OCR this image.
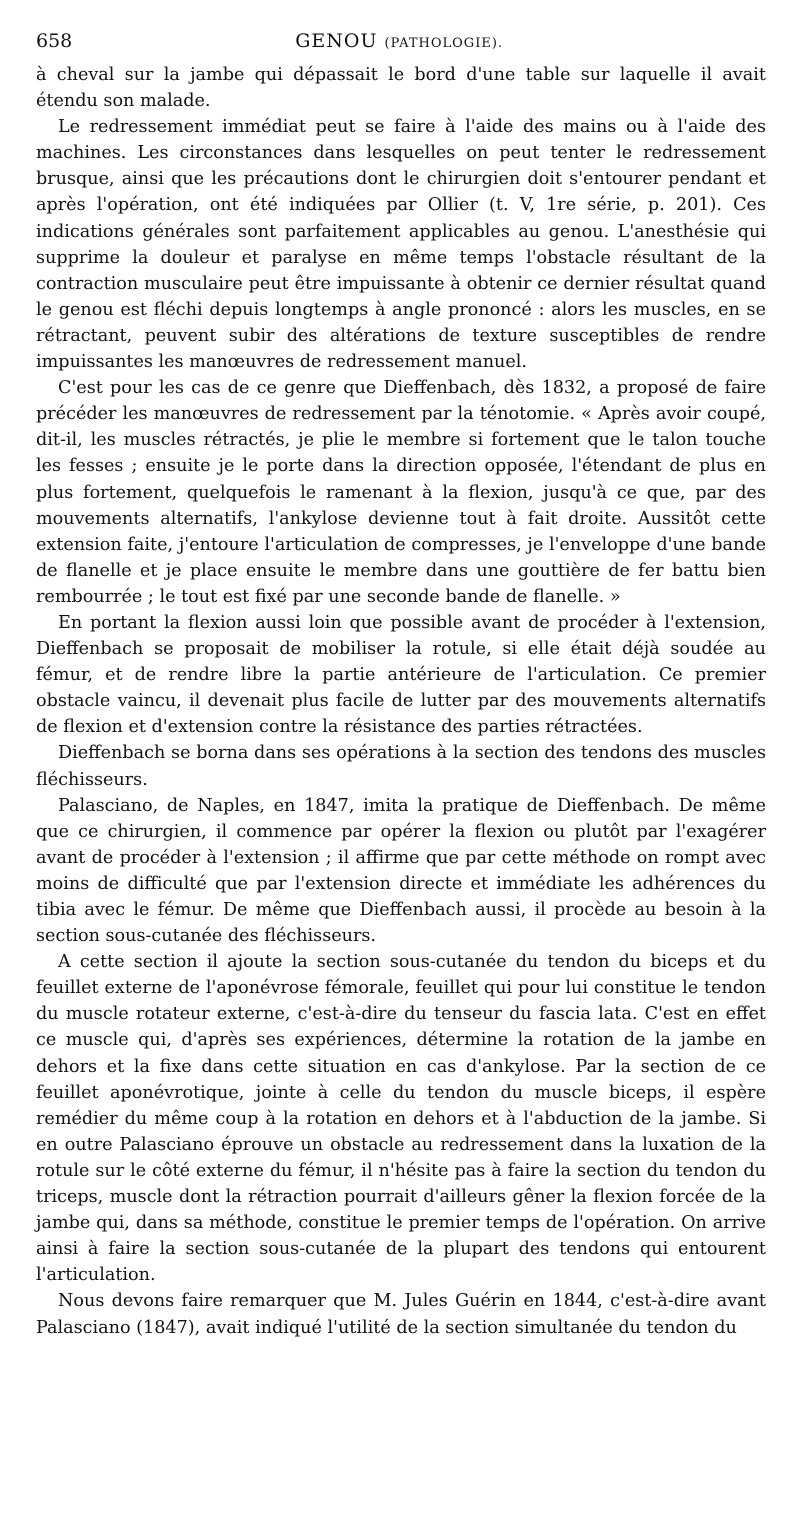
658	GENOU (PATHOLOGIE).

à cheval sur la jambe qui dépassait le bord d'une table sur laquelle il avait étendu son malade.

Le redressement immédiat peut se faire à l'aide des mains ou à l'aide des machines. Les circonstances dans lesquelles on peut tenter le redressement brusque, ainsi que les précautions dont le chirurgien doit s'entourer pendant et après l'opération, ont été indiquées par Ollier (t. V, 1re série, p. 201). Ces indications générales sont parfaitement applicables au genou. L'anesthésie qui supprime la douleur et paralyse en même temps l'obstacle résultant de la contraction musculaire peut être impuissante à obtenir ce dernier résultat quand le genou est fléchi depuis longtemps à angle prononcé : alors les muscles, en se rétractant, peuvent subir des altérations de texture susceptibles de rendre impuissantes les manœuvres de redressement manuel.

C'est pour les cas de ce genre que Dieffenbach, dès 1832, a proposé de faire précéder les manœuvres de redressement par la ténotomie. « Après avoir coupé, dit-il, les muscles rétractés, je plie le membre si fortement que le talon touche les fesses ; ensuite je le porte dans la direction opposée, l'étendant de plus en plus fortement, quelquefois le ramenant à la flexion, jusqu'à ce que, par des mouvements alternatifs, l'ankylose devienne tout à fait droite. Aussitôt cette extension faite, j'entoure l'articulation de compresses, je l'enveloppe d'une bande de flanelle et je place ensuite le membre dans une gouttière de fer battu bien rembourrée ; le tout est fixé par une seconde bande de flanelle. »

En portant la flexion aussi loin que possible avant de procéder à l'extension, Dieffenbach se proposait de mobiliser la rotule, si elle était déjà soudée au fémur, et de rendre libre la partie antérieure de l'articulation. Ce premier obstacle vaincu, il devenait plus facile de lutter par des mouvements alternatifs de flexion et d'extension contre la résistance des parties rétractées.

Dieffenbach se borna dans ses opérations à la section des tendons des muscles fléchisseurs.

Palasciano, de Naples, en 1847, imita la pratique de Dieffenbach. De même que ce chirurgien, il commence par opérer la flexion ou plutôt par l'exagérer avant de procéder à l'extension ; il affirme que par cette méthode on rompt avec moins de difficulté que par l'extension directe et immédiate les adhérences du tibia avec le fémur. De même que Dieffenbach aussi, il procède au besoin à la section sous-cutanée des fléchisseurs.

A cette section il ajoute la section sous-cutanée du tendon du biceps et du feuillet externe de l'aponévrose fémorale, feuillet qui pour lui constitue le tendon du muscle rotateur externe, c'est-à-dire du tenseur du fascia lata. C'est en effet ce muscle qui, d'après ses expériences, détermine la rotation de la jambe en dehors et la fixe dans cette situation en cas d'ankylose. Par la section de ce feuillet aponévrotique, jointe à celle du tendon du muscle biceps, il espère remédier du même coup à la rotation en dehors et à l'abduction de la jambe. Si en outre Palasciano éprouve un obstacle au redressement dans la luxation de la rotule sur le côté externe du fémur, il n'hésite pas à faire la section du tendon du triceps, muscle dont la rétraction pourrait d'ailleurs gêner la flexion forcée de la jambe qui, dans sa méthode, constitue le premier temps de l'opération. On arrive ainsi à faire la section sous-cutanée de la plupart des tendons qui entourent l'articulation.

Nous devons faire remarquer que M. Jules Guérin en 1844, c'est-à-dire avant Palasciano (1847), avait indiqué l'utilité de la section simultanée du tendon du
